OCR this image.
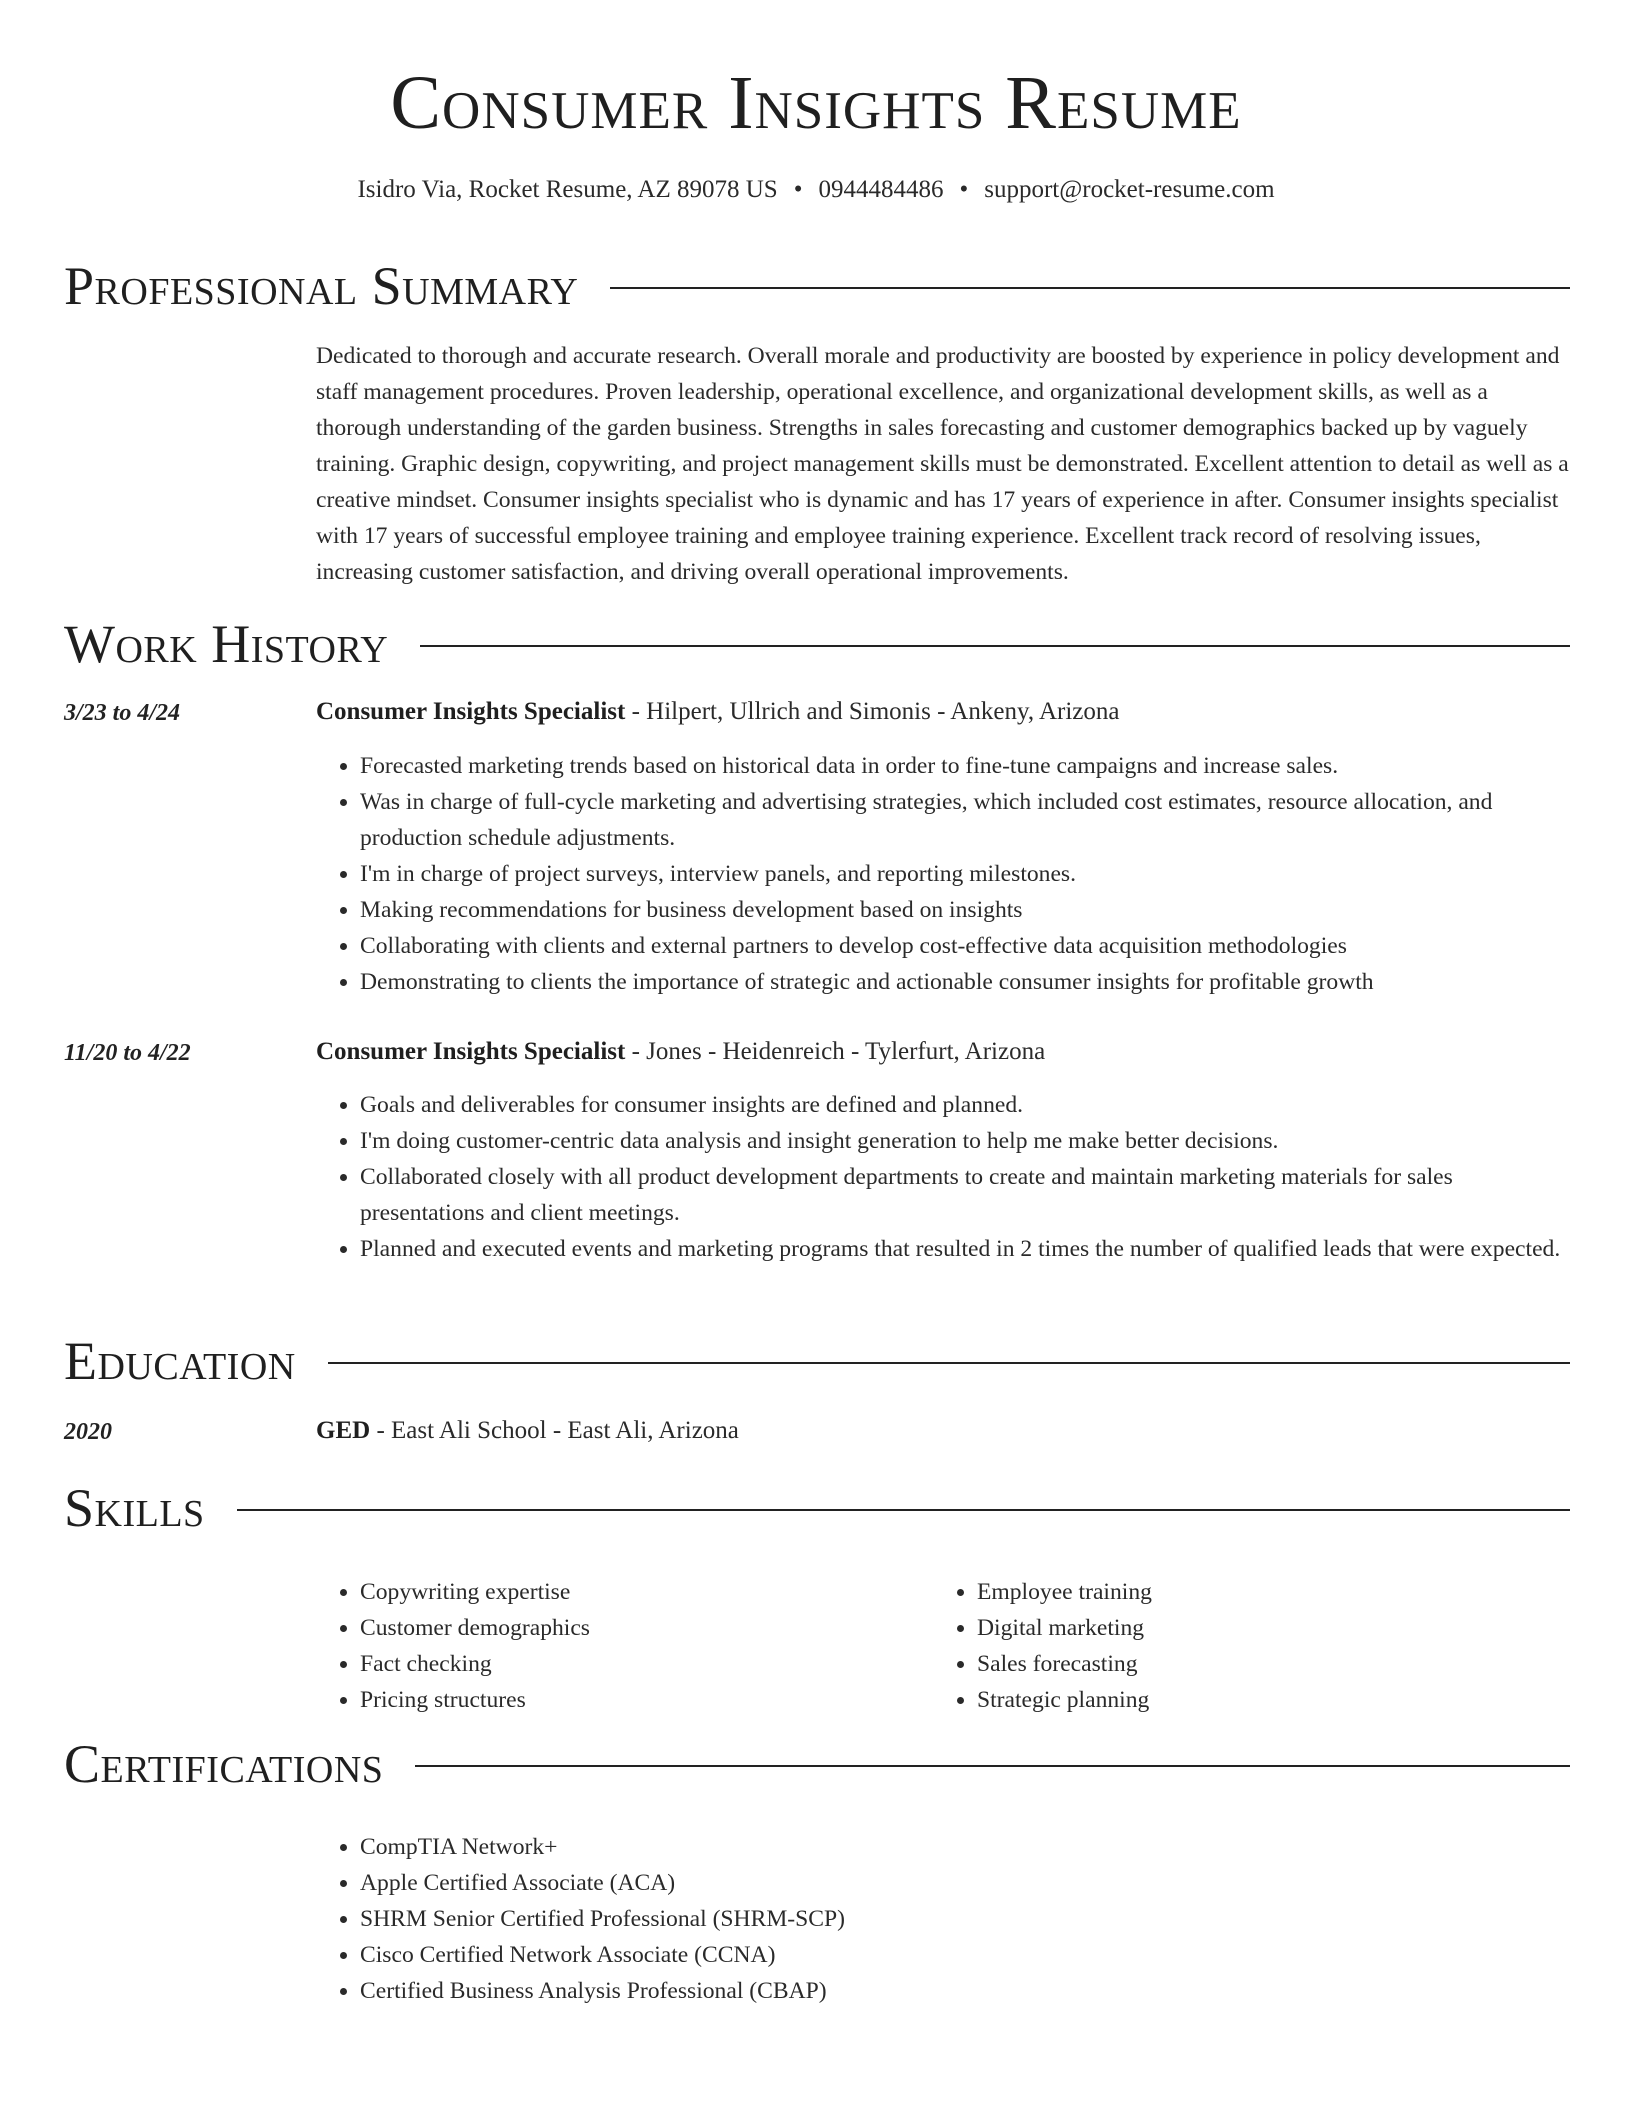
Consumer Insights Resume
Isidro Via, Rocket Resume, AZ 89078 US • 0944484486 • support@rocket-resume.com
Professional Summary

Dedicated to thorough and accurate research. Overall morale and productivity are boosted by experience in policy development and staff management procedures. Proven leadership, operational excellence, and organizational development skills, as well as a thorough understanding of the garden business. Strengths in sales forecasting and customer demographics backed up by vaguely training. Graphic design, copywriting, and project management skills must be demonstrated. Excellent attention to detail as well as a creative mindset. Consumer insights specialist who is dynamic and has 17 years of experience in after. Consumer insights specialist with 17 years of successful employee training and employee training experience. Excellent track record of resolving issues, increasing customer satisfaction, and driving overall operational improvements.

Work History
3/23 to 4/24	Consumer Insights Specialist - Hilpert, Ullrich and Simonis - Ankeny, Arizona
• Forecasted marketing trends based on historical data in order to fine-tune campaigns and increase sales.
• Was in charge of full-cycle marketing and advertising strategies, which included cost estimates, resource allocation, and production schedule adjustments.
• I'm in charge of project surveys, interview panels, and reporting milestones.
• Making recommendations for business development based on insights
• Collaborating with clients and external partners to develop cost-effective data acquisition methodologies
• Demonstrating to clients the importance of strategic and actionable consumer insights for profitable growth
11/20 to 4/22	Consumer Insights Specialist - Jones - Heidenreich - Tylerfurt, Arizona
• Goals and deliverables for consumer insights are defined and planned.
• I'm doing customer-centric data analysis and insight generation to help me make better decisions.
• Collaborated closely with all product development departments to create and maintain marketing materials for sales presentations and client meetings.
• Planned and executed events and marketing programs that resulted in 2 times the number of qualified leads that were expected.
Education
2020	GED - East Ali School - East Ali, Arizona
Skills
• Copywriting expertise
• Customer demographics
• Fact checking
• Pricing structures
• Employee training
• Digital marketing
• Sales forecasting
• Strategic planning
Certifications
• CompTIA Network+
• Apple Certified Associate (ACA)
• SHRM Senior Certified Professional (SHRM-SCP)
• Cisco Certified Network Associate (CCNA)
• Certified Business Analysis Professional (CBAP)
